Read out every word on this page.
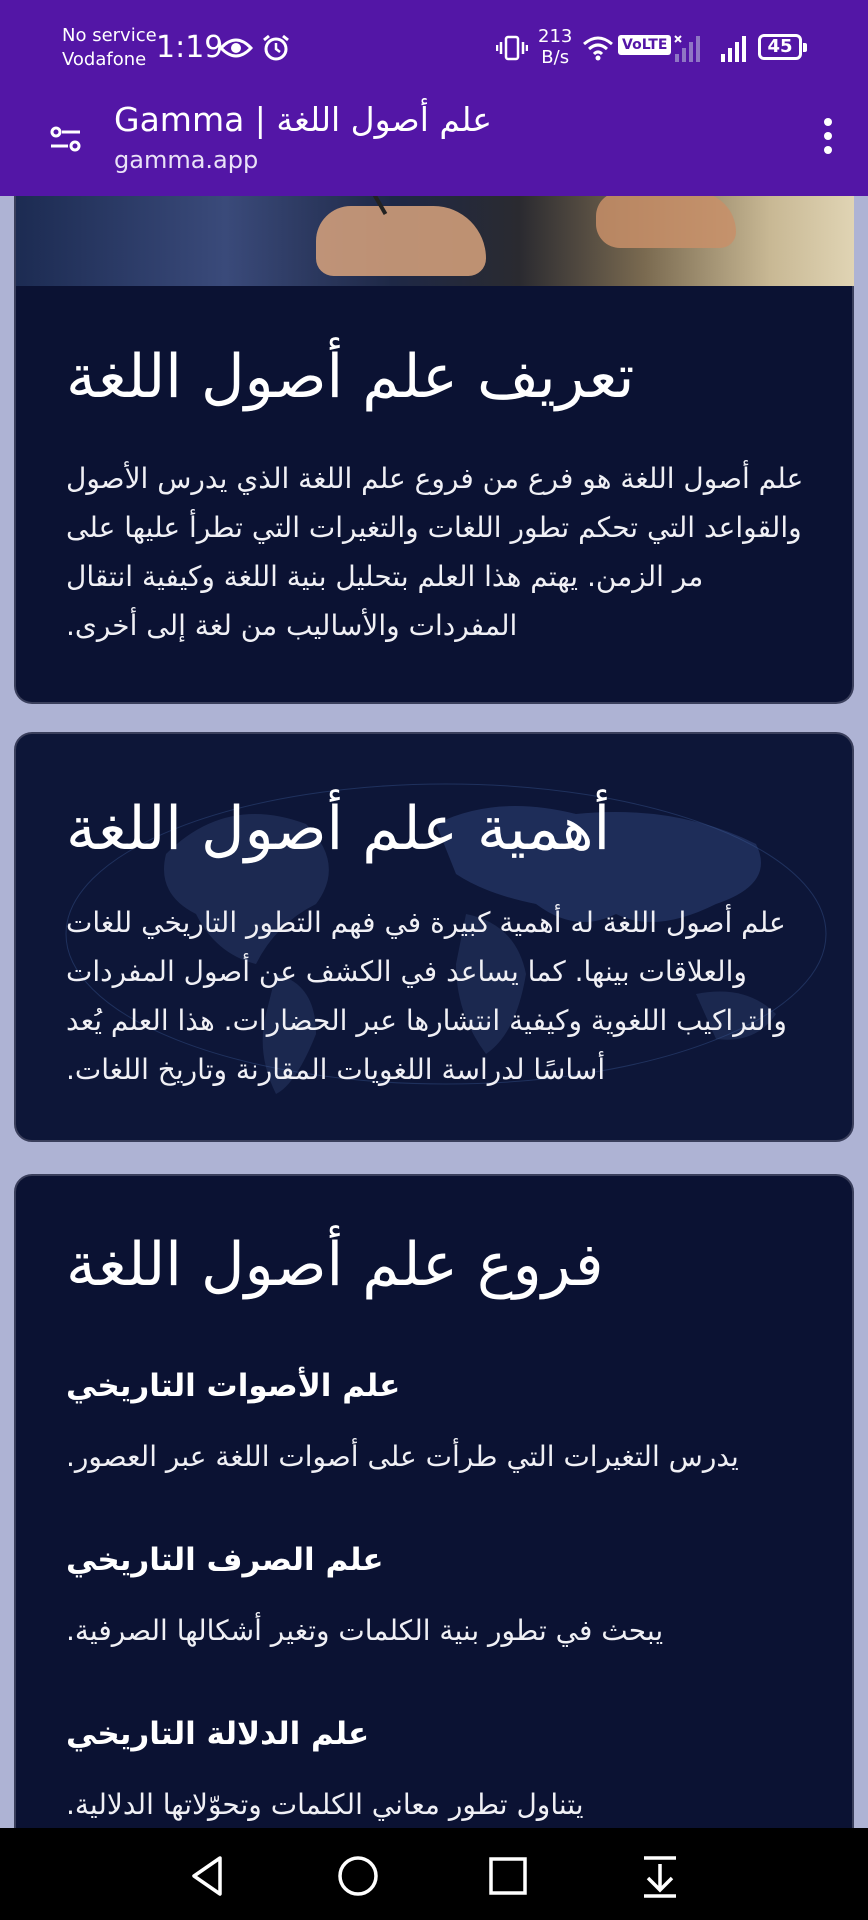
No service
Vodafone 1:19	213
B/s
VoLTE	45
Gamma | علم أصول اللغة
gamma.app
تعريف علم أصول اللغة

علم أصول اللغة هو فرع من فروع علم اللغة الذي يدرس الأصول والقواعد التي تحكم تطور اللغات والتغيرات التي تطرأ عليها على مر الزمن. يهتم هذا العلم بتحليل بنية اللغة وكيفية انتقال المفردات والأساليب من لغة إلى أخرى.

أهمية علم أصول اللغة

علم أصول اللغة له أهمية كبيرة في فهم التطور التاريخي للغات والعلاقات بينها. كما يساعد في الكشف عن أصول المفردات والتراكيب اللغوية وكيفية انتشارها عبر الحضارات. هذا العلم يُعد أساسًا لدراسة اللغويات المقارنة وتاريخ اللغات.

فروع علم أصول اللغة
علم الأصوات التاريخي

يدرس التغيرات التي طرأت على أصوات اللغة عبر العصور.

علم الصرف التاريخي

يبحث في تطور بنية الكلمات وتغير أشكالها الصرفية.

علم الدلالة التاريخي

يتناول تطور معاني الكلمات وتحوّلاتها الدلالية.
